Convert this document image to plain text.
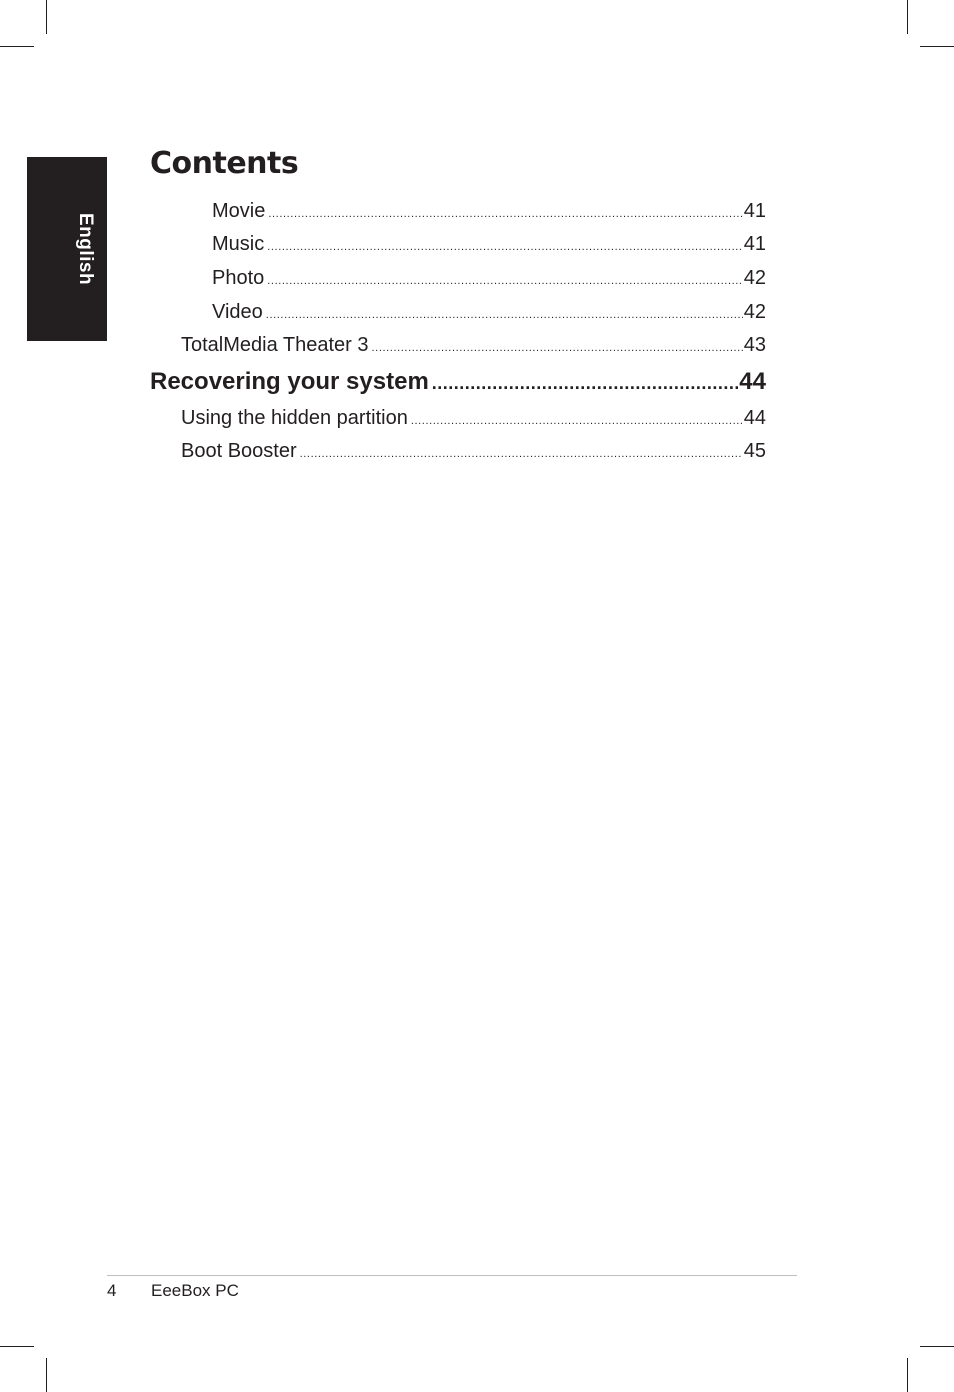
English
Contents
Movie .....	41
Music .....	41
Photo .....	42
Video .....	42
TotalMedia Theater 3 .....	43
Recovering your system .....	44
Using the hidden partition .....	44
Boot Booster .....	45
4 EeeBox PC
